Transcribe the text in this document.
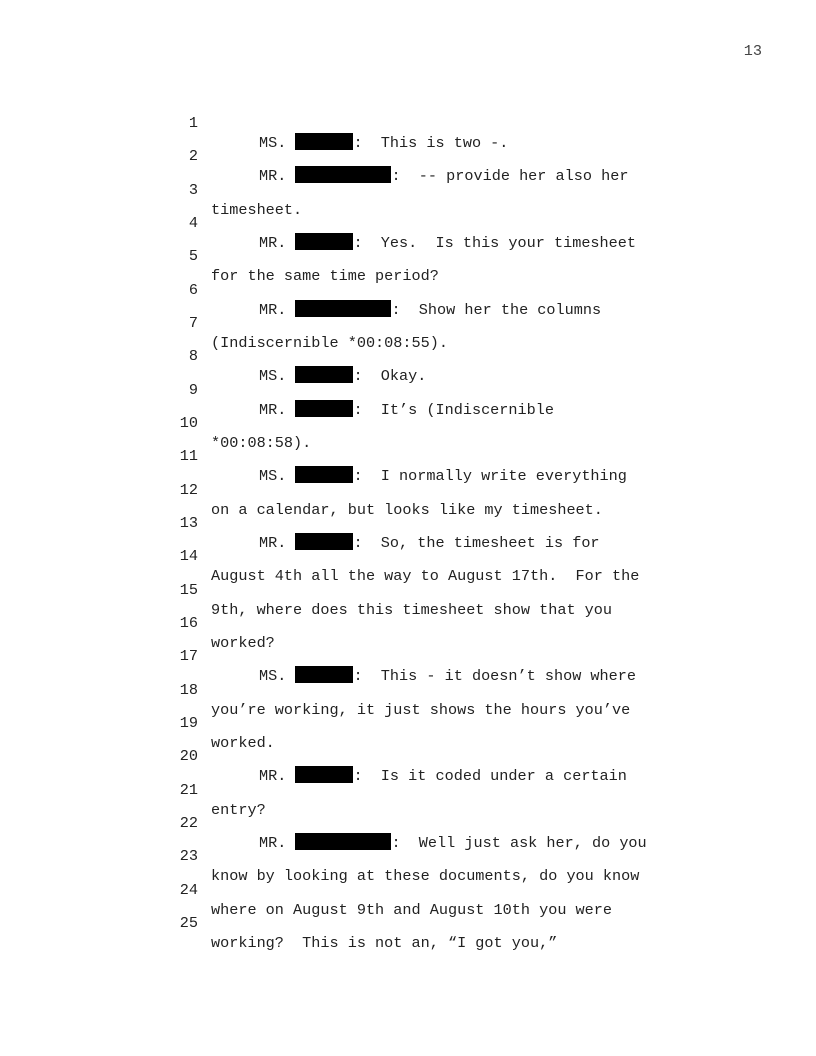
13

1

MS.	:  This is two -.

2

MR.	:  -- provide her also her

3

timesheet.

4

MR.	:  Yes.  Is this your timesheet

5

for the same time period?

6

MR.	:  Show her the columns

7

(Indiscernible *00:08:55).

8

MS.	:  Okay.

9

MR.	:  It’s (Indiscernible

10

*00:08:58).

11

MS.	:  I normally write everything

12

on a calendar, but looks like my timesheet.

13

MR.	:  So, the timesheet is for

14

August 4th all the way to August 17th.  For the

15

9th, where does this timesheet show that you

16

worked?

17

MS.	:  This - it doesn’t show where

18

you’re working, it just shows the hours you’ve

19

worked.

20

MR.	:  Is it coded under a certain

21

entry?

22

MR.	:  Well just ask her, do you

23

know by looking at these documents, do you know

24

where on August 9th and August 10th you were

25

working?  This is not an, “I got you,”
